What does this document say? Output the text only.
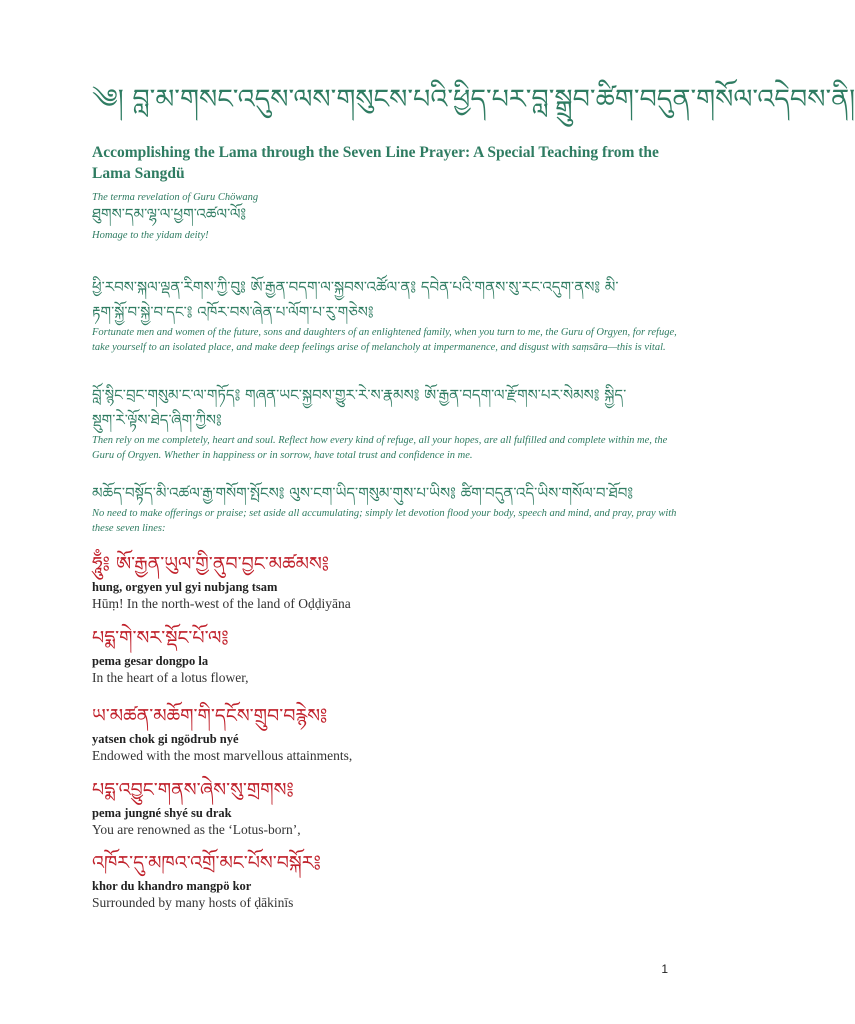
༄། བླ་མ་གསང་འདུས་ལས་གསུངས་པའི་ཕྱིད་པར་བླ་སྒྲུབ་ཚིག་བདུན་གསོལ་འདེབས་ནི།
Accomplishing the Lama through the Seven Line Prayer: A Special Teaching from the Lama Sangdü
The terma revelation of Guru Chöwang
ཐུགས་དམ་ལྷ་ལ་ཕྱག་འཚལ་ལོ༔
Homage to the yidam deity!
ཕྱི་རབས་སྐལ་ལྡན་རིགས་ཀྱི་བུ༔ ཨོ་རྒྱན་བདག་ལ་སྐྱབས་འཚོལ་ན༔ དབེན་པའི་གནས་སུ་རང་འདུག་ནས༔ མི་
རྟག་སྐྱོ་བ་སྐྱེ་བ་དང་༔ འཁོར་བས་ཞེན་པ་ལོག་པ་རུ་གཅེས༔
Fortunate men and women of the future, sons and daughters of an enlightened family, when you turn to me, the Guru of Orgyen, for refuge, take yourself to an isolated place, and make deep feelings arise of melancholy at impermanence, and disgust with saṃsāra—this is vital.
བློ་སྙིང་བྲང་གསུམ་ང་ལ་གཏོད༔ གཞན་ཡང་སྐྱབས་གྱུར་རེ་ས་རྣམས༔ ཨོ་རྒྱན་བདག་ལ་རྫོགས་པར་སེམས༔ སྐྱིད་
སྡུག་རེ་ལྟོས་ཐེད་ཞིག་ཀྱིས༔
Then rely on me completely, heart and soul. Reflect how every kind of refuge, all your hopes, are all fulfilled and complete within me, the Guru of Orgyen. Whether in happiness or in sorrow, have total trust and confidence in me.
མཆོད་བསྟོད་མི་འཚལ་རྒྱ་གསོག་སྤོངས༔ ལུས་ངག་ཡིད་གསུམ་གུས་པ་ཡིས༔ ཚིག་བདུན་འདི་ཡིས་གསོལ་བ་ཐོབ༔
No need to make offerings or praise; set aside all accumulating; simply let devotion flood your body, speech and mind, and pray, pray with these seven lines:
ཧཱུྃ༔ ཨོ་རྒྱན་ཡུལ་གྱི་ནུབ་བྱང་མཚམས༔
hung, orgyen yul gyi nubjang tsam
Hūṃ! In the north-west of the land of Oḍḍiyāna
པདྨ་གེ་སར་སྡོང་པོ་ལ༔
pema gesar dongpo la
In the heart of a lotus flower,
ཡ་མཚན་མཆོག་གི་དངོས་གྲུབ་བརྙེས༔
yatsen chok gi ngödrub nyé
Endowed with the most marvellous attainments,
པདྨ་འབྱུང་གནས་ཞེས་སུ་གྲགས༔
pema jungné shyé su drak
You are renowned as the ‘Lotus-born’,
འཁོར་དུ་མཁའ་འགྲོ་མང་པོས་བསྐོར༔
khor du khandro mangpö kor
Surrounded by many hosts of ḍākinīs
1
